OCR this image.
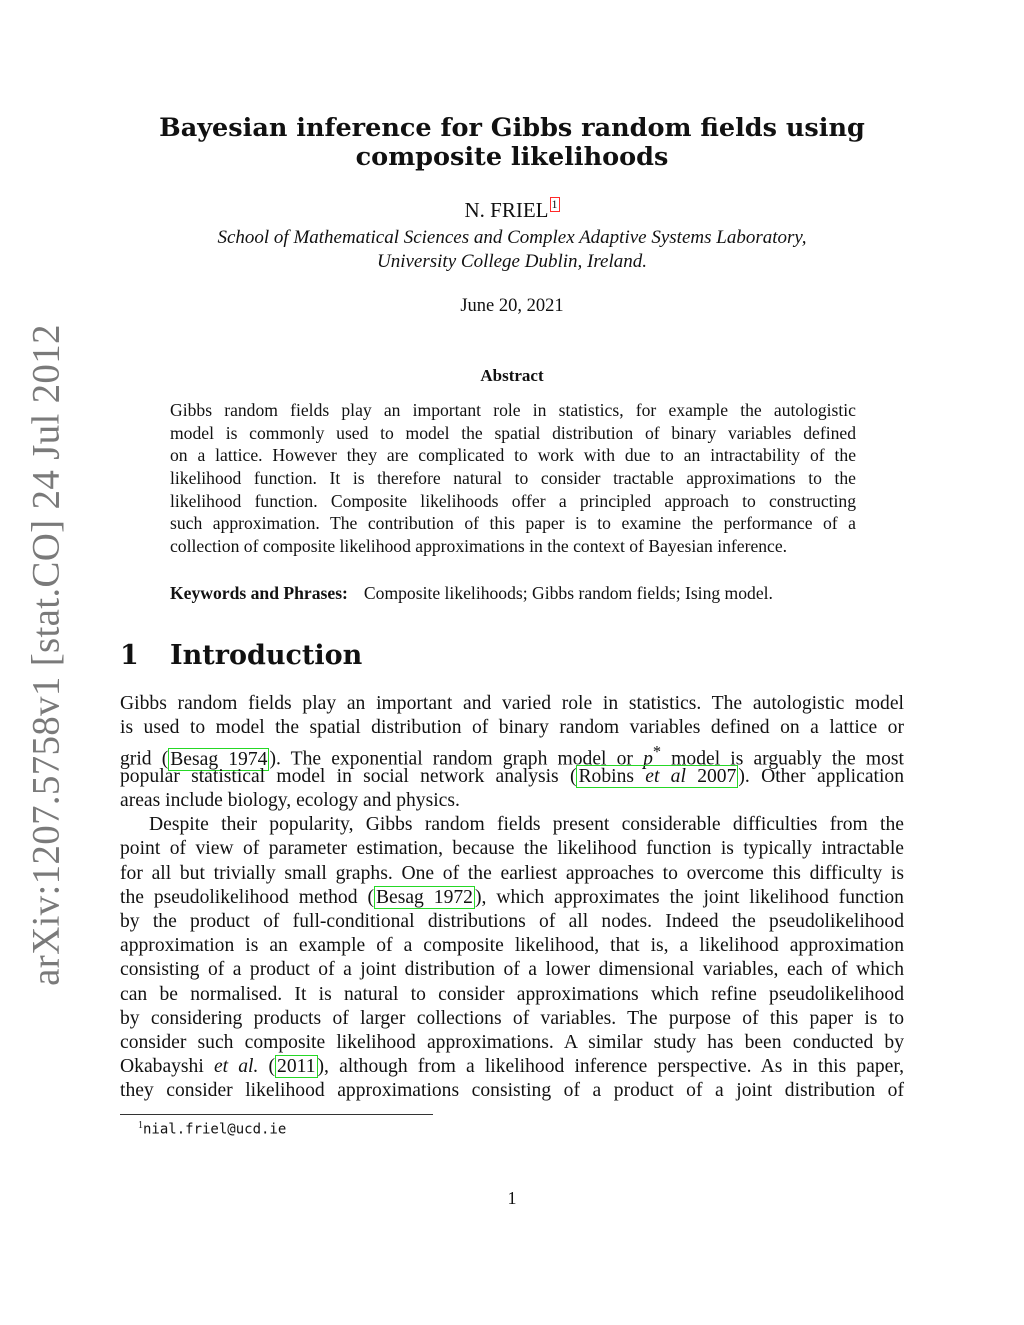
arXiv:1207.5758v1 [stat.CO] 24 Jul 2012
Bayesian inference for Gibbs random fields using
composite likelihoods
N. FRIEL 1
School of Mathematical Sciences and Complex Adaptive Systems Laboratory,
University College Dublin, Ireland.
June 20, 2021
Abstract
Gibbs random fields play an important role in statistics, for example the autologistic
model is commonly used to model the spatial distribution of binary variables defined
on a lattice. However they are complicated to work with due to an intractability of the
likelihood function. It is therefore natural to consider tractable approximations to the
likelihood function. Composite likelihoods offer a principled approach to constructing
such approximation. The contribution of this paper is to examine the performance of a
collection of composite likelihood approximations in the context of Bayesian inference.
Keywords and Phrases: Composite likelihoods; Gibbs random fields; Ising model.
1 Introduction
Gibbs random fields play an important and varied role in statistics. The autologistic model
is used to model the spatial distribution of binary random variables defined on a lattice or
grid ( Besag 1974 ). The exponential random graph model or p* model is arguably the most
popular statistical model in social network analysis ( Robins et al 2007 ). Other application
areas include biology, ecology and physics.
Despite their popularity, Gibbs random fields present considerable difficulties from the
point of view of parameter estimation, because the likelihood function is typically intractable
for all but trivially small graphs. One of the earliest approaches to overcome this difficulty is
the pseudolikelihood method ( Besag 1972 ), which approximates the joint likelihood function
by the product of full-conditional distributions of all nodes. Indeed the pseudolikelihood
approximation is an example of a composite likelihood, that is, a likelihood approximation
consisting of a product of a joint distribution of a lower dimensional variables, each of which
can be normalised. It is natural to consider approximations which refine pseudolikelihood
by considering products of larger collections of variables. The purpose of this paper is to
consider such composite likelihood approximations. A similar study has been conducted by
Okabayshi et al. ( 2011 ), although from a likelihood inference perspective. As in this paper,
they consider likelihood approximations consisting of a product of a joint distribution of
$^1$nial.friel@ucd.ie
1
